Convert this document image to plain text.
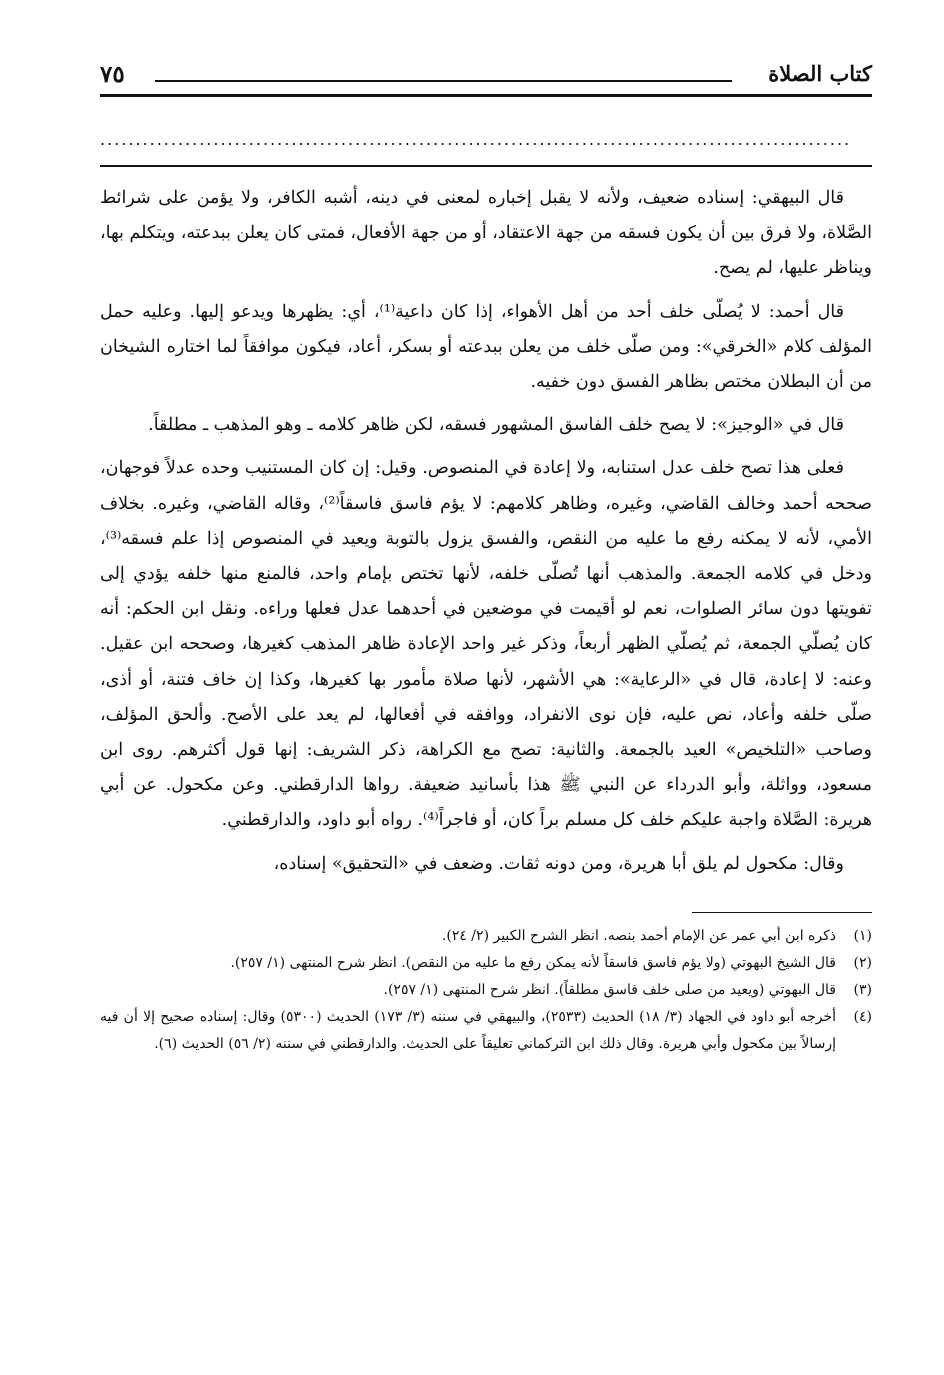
كتاب الصلاة
٧٥
..........................................................................................................

قال البيهقي: إسناده ضعيف، ولأنه لا يقبل إخباره لمعنى في دينه، أشبه الكافر، ولا يؤمن على شرائط الصَّلاة، ولا فرق بين أن يكون فسقه من جهة الاعتقاد، أو من جهة الأفعال، فمتى كان يعلن ببدعته، ويتكلم بها، ويناظر عليها، لم يصح.

قال أحمد: لا يُصلّى خلف أحد من أهل الأهواء، إذا كان داعية⁽¹⁾، أي: يظهرها ويدعو إليها. وعليه حمل المؤلف كلام «الخرقي»: ومن صلّى خلف من يعلن ببدعته أو بسكر، أعاد، فيكون موافقاً لما اختاره الشيخان من أن البطلان مختص بظاهر الفسق دون خفيه.

قال في «الوجيز»: لا يصح خلف الفاسق المشهور فسقه، لكن ظاهر كلامه ـ وهو المذهب ـ مطلقاً.

فعلى هذا تصح خلف عدل استنابه، ولا إعادة في المنصوص. وقيل: إن كان المستنيب وحده عدلاً فوجهان، صححه أحمد وخالف القاضي، وغيره، وظاهر كلامهم: لا يؤم فاسق فاسقاً⁽²⁾، وقاله القاضي، وغيره. بخلاف الأمي، لأنه لا يمكنه رفع ما عليه من النقص، والفسق يزول بالتوبة ويعيد في المنصوص إذا علم فسقه⁽³⁾، ودخل في كلامه الجمعة. والمذهب أنها تُصلّى خلفه، لأنها تختص بإمام واحد، فالمنع منها خلفه يؤدي إلى تفويتها دون سائر الصلوات، نعم لو أقيمت في موضعين في أحدهما عدل فعلها وراءه. ونقل ابن الحكم: أنه كان يُصلّي الجمعة، ثم يُصلّي الظهر أربعاً، وذكر غير واحد الإعادة ظاهر المذهب كغيرها، وصححه ابن عقيل. وعنه: لا إعادة، قال في «الرعاية»: هي الأشهر، لأنها صلاة مأمور بها كغيرها، وكذا إن خاف فتنة، أو أذى، صلّى خلفه وأعاد، نص عليه، فإن نوى الانفراد، ووافقه في أفعالها، لم يعد على الأصح. وألحق المؤلف، وصاحب «التلخيص» العيد بالجمعة. والثانية: تصح مع الكراهة، ذكر الشريف: إنها قول أكثرهم. روى ابن مسعود، وواثلة، وأبو الدرداء عن النبي ﷺ هذا بأسانيد ضعيفة. رواها الدارقطني. وعن مكحول. عن أبي هريرة: الصَّلاة واجبة عليكم خلف كل مسلم براً كان، أو فاجراً⁽⁴⁾. رواه أبو داود، والدارقطني.

وقال: مكحول لم يلق أبا هريرة، ومن دونه ثقات. وضعف في «التحقيق» إسناده،

(١)
ذكره ابن أبي عمر عن الإمام أحمد بنصه. انظر الشرح الكبير (٢/ ٢٤).
(٢)
قال الشيخ البهوتي (ولا يؤم فاسق فاسقاً لأنه يمكن رفع ما عليه من النقص). انظر شرح المنتهى (١/ ٢٥٧).
(٣)
قال البهوتي (ويعيد من صلى خلف فاسق مطلقاً). انظر شرح المنتهى (١/ ٢٥٧).
(٤)
أخرجه أبو داود في الجهاد (٣/ ١٨) الحديث (٢٥٣٣)، والبيهقي في سننه (٣/ ١٧٣) الحديث (٥٣٠٠) وقال: إسناده صحيح إلا أن فيه إرسالاً بين مكحول وأبي هريرة. وقال ذلك ابن التركماني تعليقاً على الحديث. والدارقطني في سننه (٢/ ٥٦) الحديث (٦).
